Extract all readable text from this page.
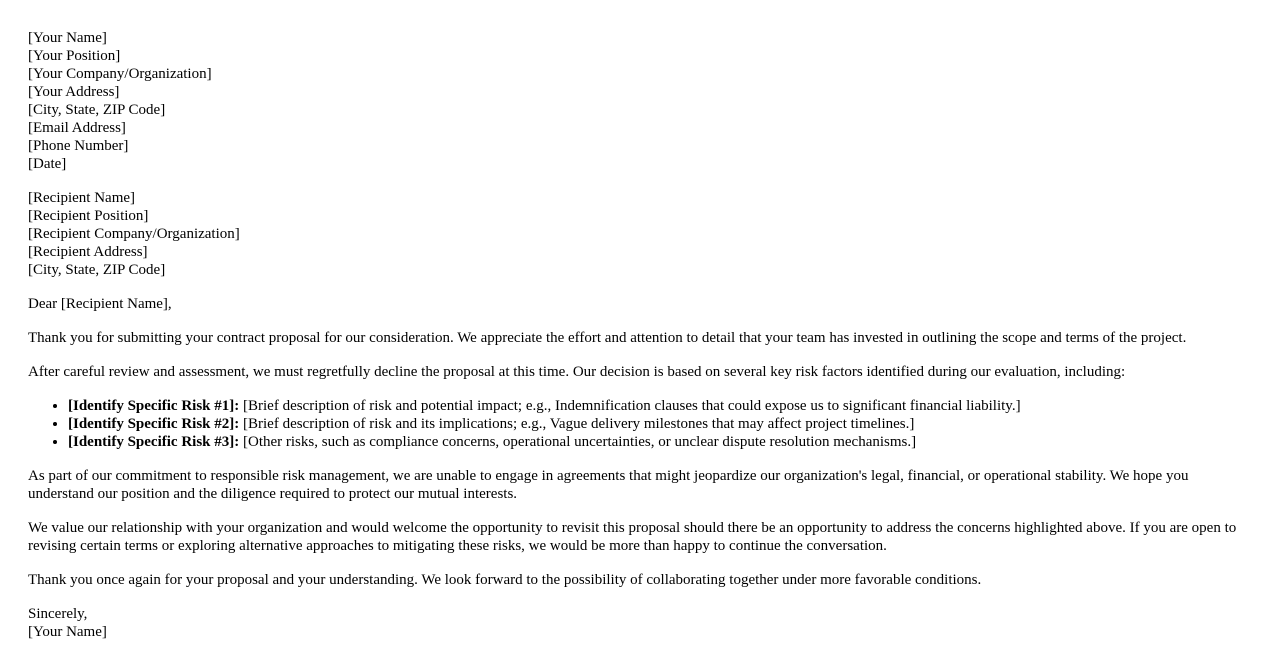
[Your Name]
[Your Position]
[Your Company/Organization]
[Your Address]
[City, State, ZIP Code]
[Email Address]
[Phone Number]
[Date]
[Recipient Name]
[Recipient Position]
[Recipient Company/Organization]
[Recipient Address]
[City, State, ZIP Code]

Dear [Recipient Name],

Thank you for submitting your contract proposal for our consideration. We appreciate the effort and attention to detail that your team has invested in outlining the scope and terms of the project.

After careful review and assessment, we must regretfully decline the proposal at this time. Our decision is based on several key risk factors identified during our evaluation, including:

• [Identify Specific Risk #1]: [Brief description of risk and potential impact; e.g., Indemnification clauses that could expose us to significant financial liability.]
• [Identify Specific Risk #2]: [Brief description of risk and its implications; e.g., Vague delivery milestones that may affect project timelines.]
• [Identify Specific Risk #3]: [Other risks, such as compliance concerns, operational uncertainties, or unclear dispute resolution mechanisms.]

As part of our commitment to responsible risk management, we are unable to engage in agreements that might jeopardize our organization's legal, financial, or operational stability. We hope you understand our position and the diligence required to protect our mutual interests.

We value our relationship with your organization and would welcome the opportunity to revisit this proposal should there be an opportunity to address the concerns highlighted above. If you are open to revising certain terms or exploring alternative approaches to mitigating these risks, we would be more than happy to continue the conversation.

Thank you once again for your proposal and your understanding. We look forward to the possibility of collaborating together under more favorable conditions.

Sincerely,
[Your Name]
